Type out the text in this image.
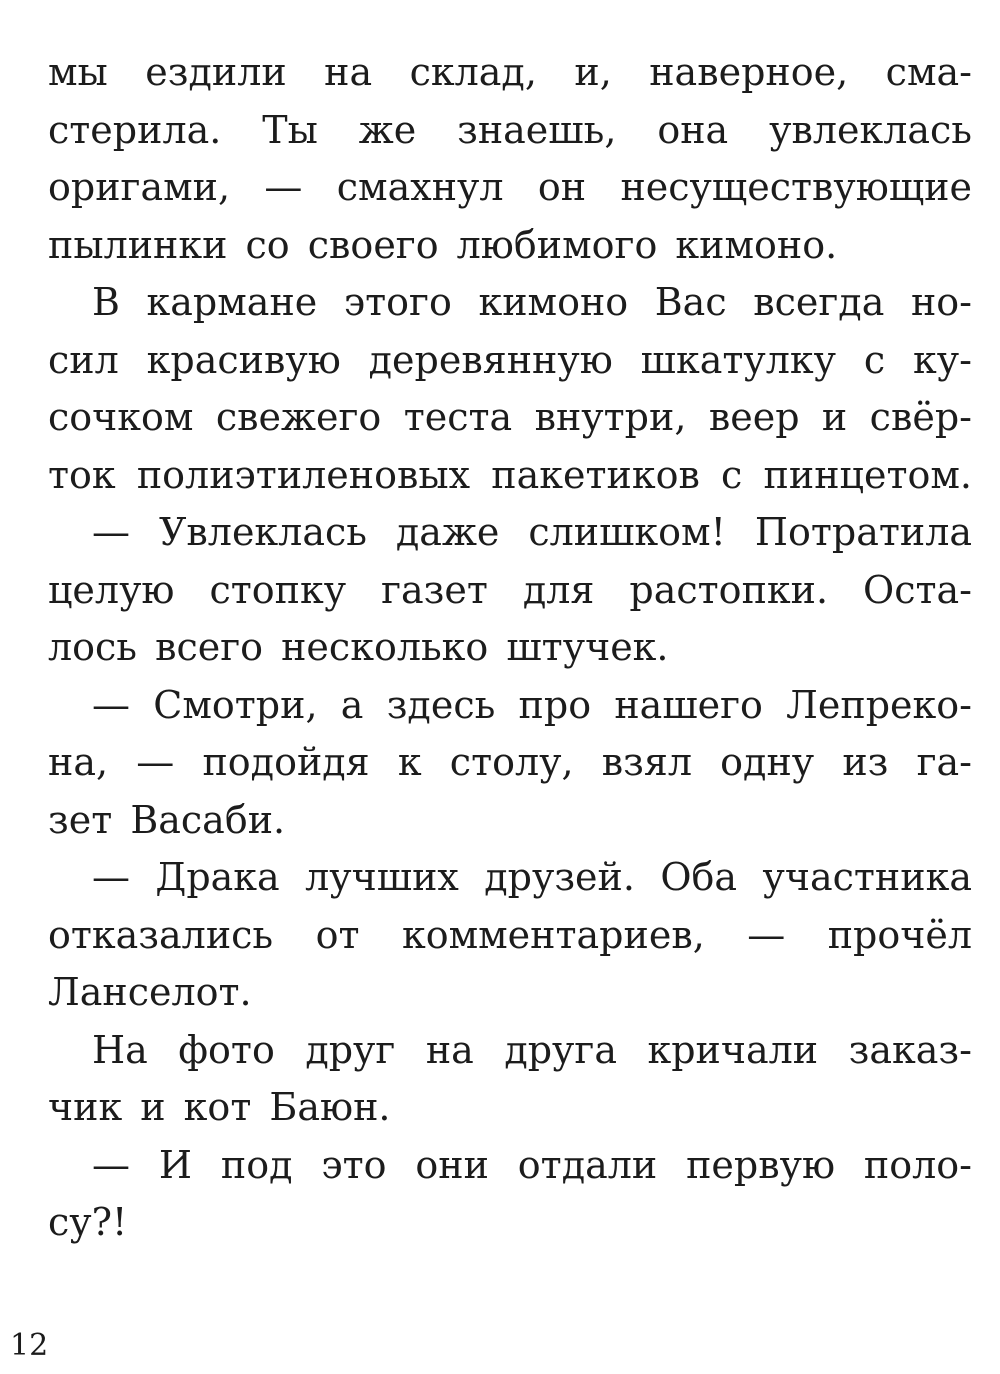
мы ездили на склад, и, наверное, сма-
стерила. Ты же знаешь, она увлеклась
оригами, — смахнул он несуществующие
пылинки со своего любимого кимоно.
В кармане этого кимоно Вас всегда но-
сил красивую деревянную шкатулку с ку-
сочком свежего теста внутри, веер и свёр-
ток полиэтиленовых пакетиков с пинцетом.
— Увлеклась даже слишком! Потратила
целую стопку газет для растопки. Оста-
лось всего несколько штучек.
— Смотри, а здесь про нашего Лепреко-
на, — подойдя к столу, взял одну из га-
зет Васаби.
— Драка лучших друзей. Оба участника
отказались от комментариев, — прочёл
Ланселот.
На фото друг на друга кричали заказ-
чик и кот Баюн.
— И под это они отдали первую поло-
су?!
12
